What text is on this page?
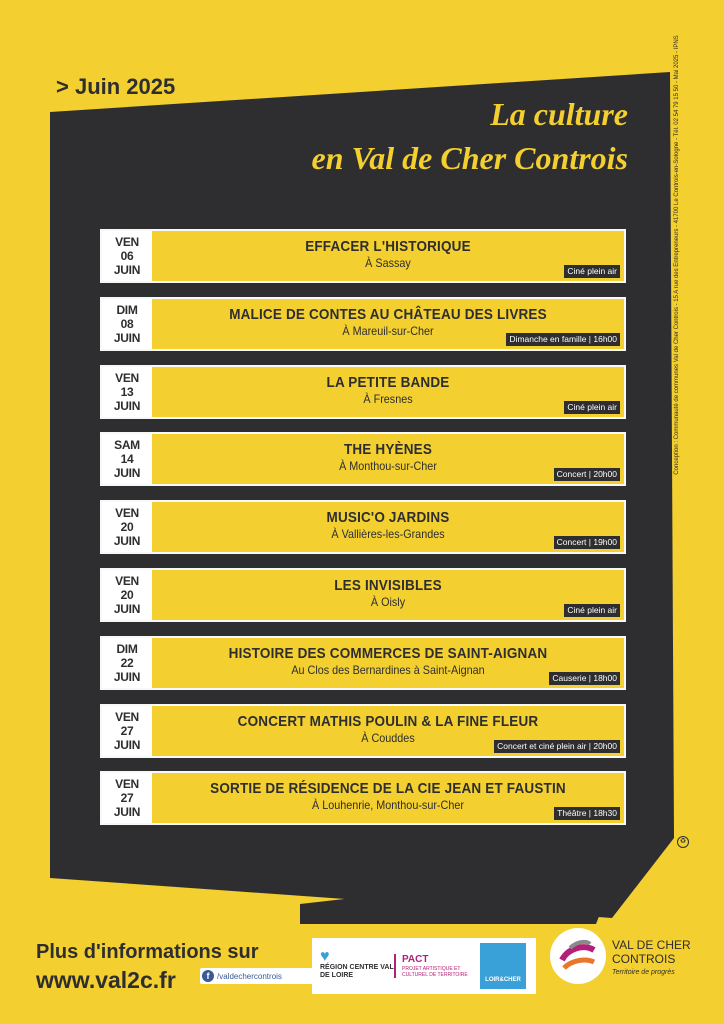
> Juin 2025
La culture
en Val de Cher Controis
VEN
06
JUIN
EFFACER L'HISTORIQUE
À Sassay
Ciné plein air
DIM
08
JUIN
MALICE DE CONTES AU CHÂTEAU DES LIVRES
À Mareuil-sur-Cher
Dimanche en famille | 16h00
VEN
13
JUIN
LA PETITE BANDE
À Fresnes
Ciné plein air
SAM
14
JUIN
THE HYÈNES
À Monthou-sur-Cher
Concert | 20h00
VEN
20
JUIN
MUSIC'O JARDINS
À Vallières-les-Grandes
Concert | 19h00
VEN
20
JUIN
LES INVISIBLES
À Oisly
Ciné plein air
DIM
22
JUIN
HISTOIRE DES COMMERCES DE SAINT-AIGNAN
Au Clos des Bernardines à Saint-Aignan
Causerie | 18h00
VEN
27
JUIN
CONCERT MATHIS POULIN & LA FINE FLEUR
À Couddes
Concert et ciné plein air | 20h00
VEN
27
JUIN
SORTIE DE RÉSIDENCE DE LA CIE JEAN ET FAUSTIN
À Louhenrie, Monthou-sur-Cher
Théâtre | 18h30
Conception : Communauté de communes Val de Cher Controis - 15 A rue des Entrepreneurs - 41700 Le Controis-en-Sologne - Tél. 02 54 79 15 50 - Mai 2025 - IPNS
♻
Plus d'informations sur
www.val2c.fr	f /valdechercontrois
♥
RÉGION CENTRE VAL DE LOIRE
PACT
PROJET ARTISTIQUE ET CULTUREL DE TERRITOIRE
LOIR&CHER
VAL DE CHER
CONTROIS
Territoire de progrès
